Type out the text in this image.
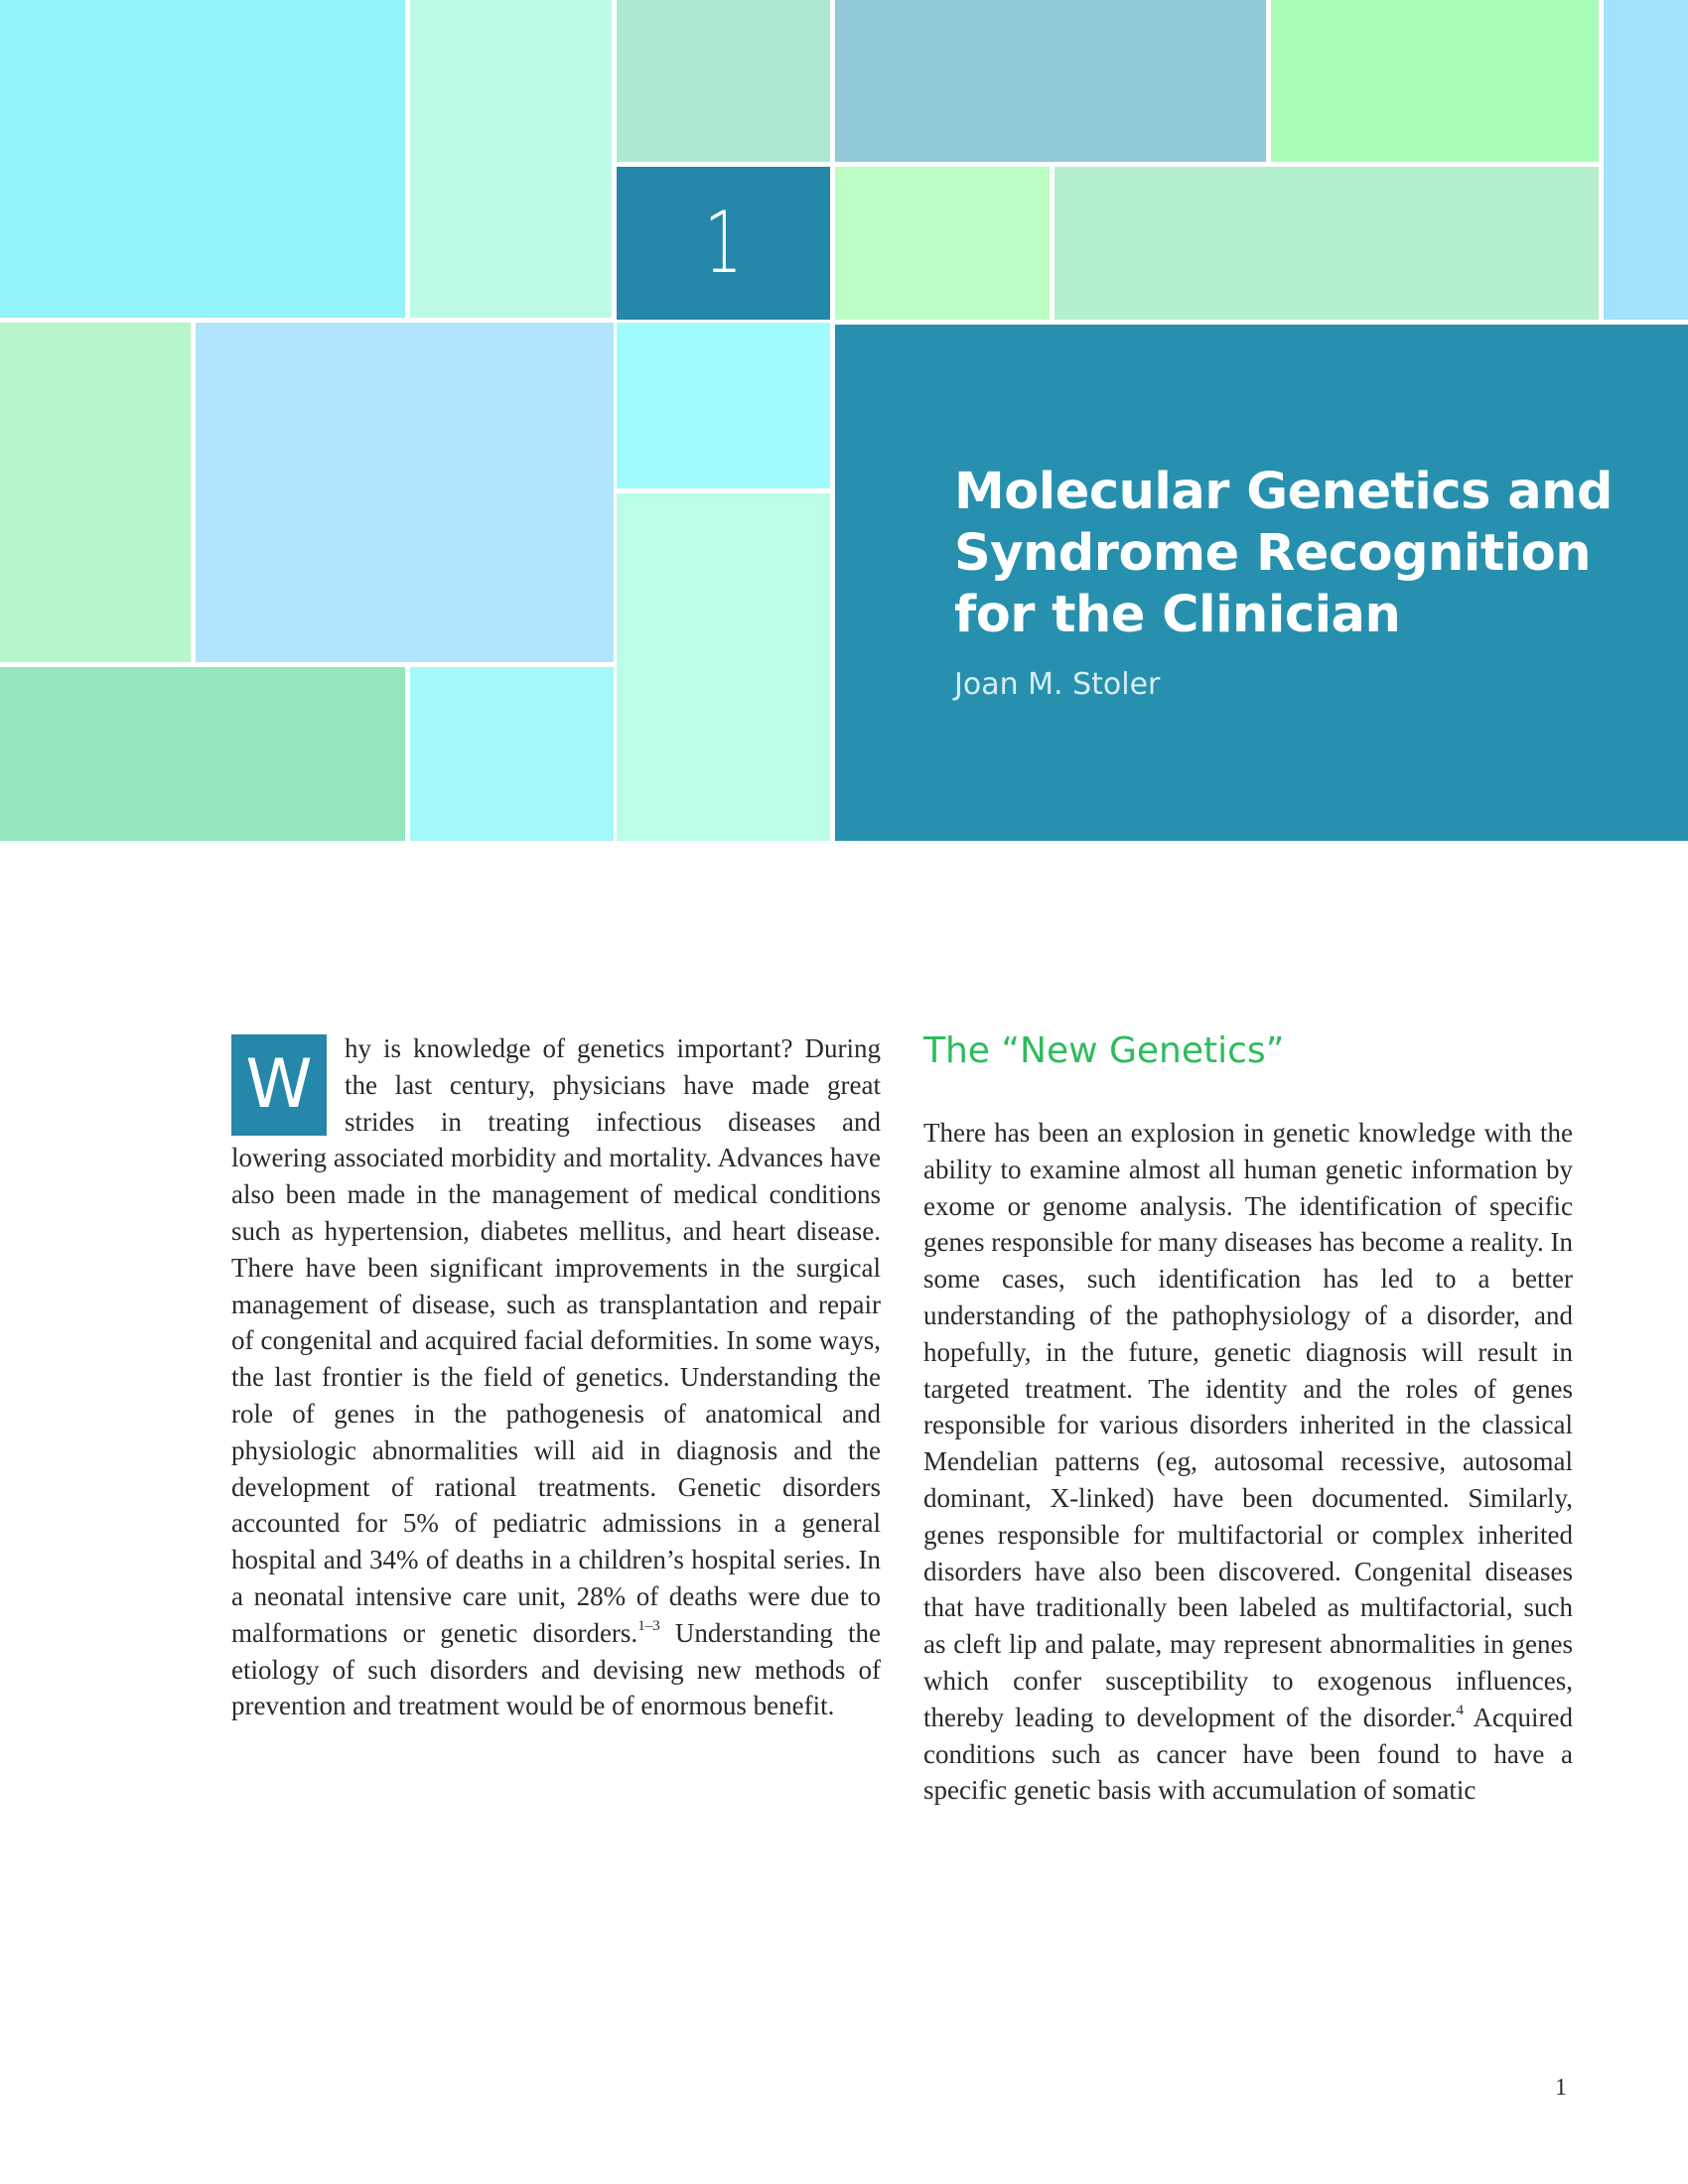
1
Molecular Genetics and Syndrome Recognition for the Clinician

Joan M. Stoler

W	hy is knowledge of genetics important? During the last century, physicians have made great strides in treating infectious diseases and lowering associated morbidity and mortality. Advances have also been made in the management of medical conditions such as hypertension, diabetes mellitus, and heart disease. There have been significant improvements in the surgical management of disease, such as transplantation and repair of congenital and acquired facial deformities. In some ways, the last frontier is the field of genetics. Understanding the role of genes in the pathogenesis of anatomical and physiologic abnormalities will aid in diagnosis and the development of rational treatments. Genetic disorders accounted for 5% of pediatric admissions in a general hospital and 34% of deaths in a children’s hospital series. In a neonatal intensive care unit, 28% of deaths were due to malformations or genetic disorders.$^{1-3}$ Understanding the etiology of such disorders and devising new methods of prevention and treatment would be of enormous benefit.
The “New Genetics”
There has been an explosion in genetic knowledge with the ability to examine almost all human genetic information by exome or genome analysis. The identification of specific genes responsible for many diseases has become a reality. In some cases, such identification has led to a better understanding of the pathophysiology of a disorder, and hopefully, in the future, genetic diagnosis will result in targeted treatment. The identity and the roles of genes responsible for various disorders inherited in the classical Mendelian patterns (eg, autosomal recessive, autosomal dominant, X-linked) have been documented. Similarly, genes responsible for multifactorial or complex inherited disorders have also been discovered. Congenital diseases that have traditionally been labeled as multifactorial, such as cleft lip and palate, may represent abnormalities in genes which confer susceptibility to exogenous influences, thereby leading to development of the disorder.$^4$ Acquired conditions such as cancer have been found to have a specific genetic basis with accumulation of somatic
1
